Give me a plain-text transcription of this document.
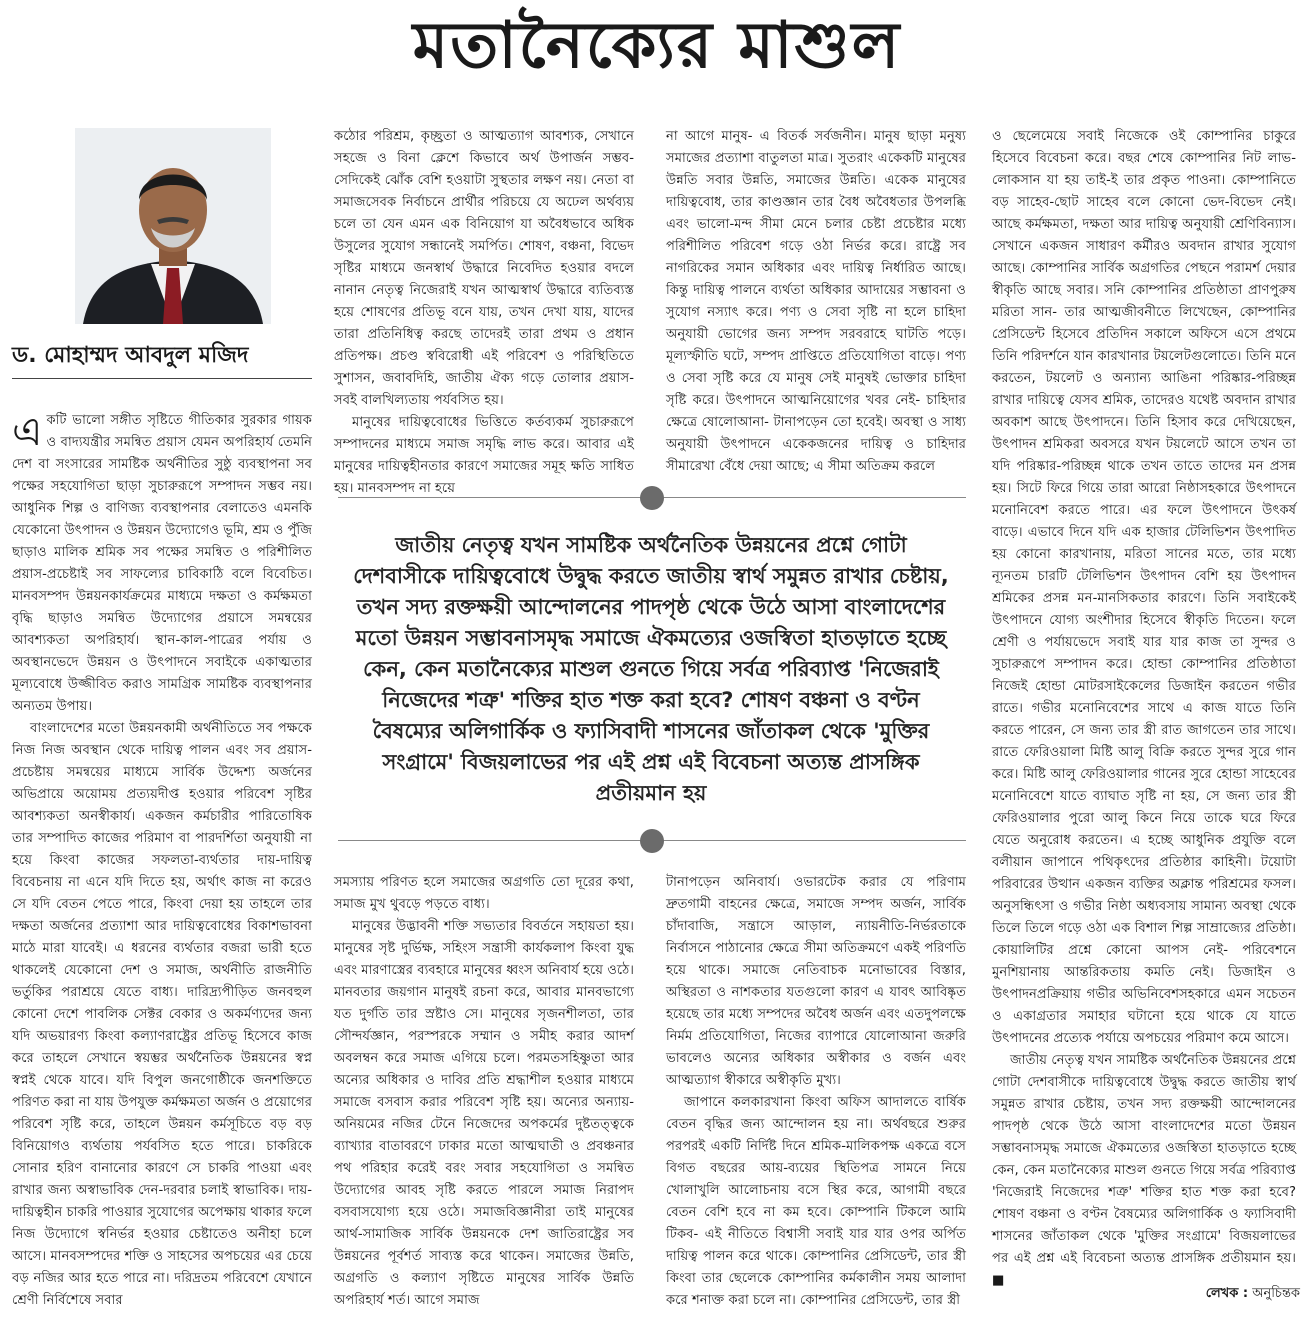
মতানৈক্যের মাশুল
ড. মোহাম্মদ আবদুল মজিদ

একটি ভালো সঙ্গীত সৃষ্টিতে গীতিকার সুরকার গায়ক ও বাদ্যযন্ত্রীর সমন্বিত প্রয়াস যেমন অপরিহার্য তেমনি দেশ বা সংসারের সামষ্টিক অর্থনীতির সুষ্ঠু ব্যবস্থাপনা সব পক্ষের সহযোগিতা ছাড়া সুচারুরূপে সম্পাদন সম্ভব নয়। আধুনিক শিল্প ও বাণিজ্য ব্যবস্থাপনার বেলাতেও এমনকি যেকোনো উৎপাদন ও উন্নয়ন উদ্যোগেও ভূমি, শ্রম ও পুঁজি ছাড়াও মালিক শ্রমিক সব পক্ষের সমন্বিত ও পরিশীলিত প্রয়াস-প্রচেষ্টাই সব সাফল্যের চাবিকাঠি বলে বিবেচিত। মানবসম্পদ উন্নয়নকার্যক্রমের মাধ্যমে দক্ষতা ও কর্মক্ষমতা বৃদ্ধি ছাড়াও সমন্বিত উদ্যোগের প্রয়াসে সমন্বয়ের আবশ্যকতা অপরিহার্য। স্থান-কাল-পাত্রের পর্যায় ও অবস্থানভেদে উন্নয়ন ও উৎপাদনে সবাইকে একাত্মতার মূল্যবোধে উজ্জীবিত করাও সামগ্রিক সামষ্টিক ব্যবস্থাপনার অন্যতম উপায়।

বাংলাদেশের মতো উন্নয়নকামী অর্থনীতিতে সব পক্ষকে নিজ নিজ অবস্থান থেকে দায়িত্ব পালন এবং সব প্রয়াস-প্রচেষ্টায় সমন্বয়ের মাধ্যমে সার্বিক উদ্দেশ্য অর্জনের অভিপ্রায়ে অয়োময় প্রত্যয়দীপ্ত হওয়ার পরিবেশ সৃষ্টির আবশ্যকতা অনস্বীকার্য। একজন কর্মচারীর পারিতোষিক তার সম্পাদিত কাজের পরিমাণ বা পারদর্শিতা অনুযায়ী না হয়ে কিংবা কাজের সফলতা-ব্যর্থতার দায়-দায়িত্ব বিবেচনায় না এনে যদি দিতে হয়, অর্থাৎ কাজ না করেও সে যদি বেতন পেতে পারে, কিংবা দেয়া হয় তাহলে তার দক্ষতা অর্জনের প্রত্যাশা আর দায়িত্ববোধের বিকাশভাবনা মাঠে মারা যাবেই। এ ধরনের ব্যর্থতার বজরা ভারী হতে থাকলেই যেকোনো দেশ ও সমাজ, অর্থনীতি রাজনীতি ভর্তুকির পরাশ্রয়ে যেতে বাধ্য। দারিদ্র্যপীড়িত জনবহুল কোনো দেশে পাবলিক সেক্টর বেকার ও অকর্মণ্যদের জন্য যদি অভয়ারণ্য কিংবা কল্যাণরাষ্ট্রের প্রতিভূ হিসেবে কাজ করে তাহলে সেখানে স্বয়ম্ভর অর্থনৈতিক উন্নয়নের স্বপ্ন স্বপ্নই থেকে যাবে। যদি বিপুল জনগোষ্ঠীকে জনশক্তিতে পরিণত করা না যায় উপযুক্ত কর্মক্ষমতা অর্জন ও প্রয়োগের পরিবেশ সৃষ্টি করে, তাহলে উন্নয়ন কর্মসূচিতে বড় বড় বিনিয়োগও ব্যর্থতায় পর্যবসিত হতে পারে। চাকরিকে সোনার হরিণ বানানোর কারণে সে চাকরি পাওয়া এবং রাখার জন্য অস্বাভাবিক দেন-দরবার চলাই স্বাভাবিক। দায়-দায়িত্বহীন চাকরি পাওয়ার সুযোগের অপেক্ষায় থাকার ফলে নিজ উদ্যোগে স্বনির্ভর হওয়ার চেষ্টাতেও অনীহা চলে আসে। মানবসম্পদের শক্তি ও সাহসের অপচয়ের এর চেয়ে বড় নজির আর হতে পারে না। দরিদ্রতম পরিবেশে যেখানে শ্রেণী নির্বিশেষে সবার

কঠোর পরিশ্রম, কৃচ্ছ্রতা ও আত্মত্যাগ আবশ্যক, সেখানে সহজে ও বিনা ক্লেশে কিভাবে অর্থ উপার্জন সম্ভব- সেদিকেই ঝোঁক বেশি হওয়াটা সুস্থতার লক্ষণ নয়। নেতা বা সমাজসেবক নির্বাচনে প্রার্থীর পরিচয়ে যে অঢেল অর্থব্যয় চলে তা যেন এমন এক বিনিয়োগ যা অবৈধভাবে অধিক উসুলের সুযোগ সন্ধানেই সমর্পিত। শোষণ, বঞ্চনা, বিভেদ সৃষ্টির মাধ্যমে জনস্বার্থ উদ্ধারে নিবেদিত হওয়ার বদলে নানান নেতৃত্ব নিজেরাই যখন আত্মস্বার্থ উদ্ধারে ব্যতিব্যস্ত হয়ে শোষণের প্রতিভূ বনে যায়, তখন দেখা যায়, যাদের তারা প্রতিনিধিত্ব করছে তাদেরই তারা প্রথম ও প্রধান প্রতিপক্ষ। প্রচণ্ড স্ববিরোধী এই পরিবেশ ও পরিস্থিতিতে সুশাসন, জবাবদিহি, জাতীয় ঐক্য গড়ে তোলার প্রয়াস- সবই বালখিল্যতায় পর্যবসিত হয়।

মানুষের দায়িত্ববোধের ভিত্তিতে কর্তব্যকর্ম সুচারুরূপে সম্পাদনের মাধ্যমে সমাজ সমৃদ্ধি লাভ করে। আবার এই মানুষের দায়িত্বহীনতার কারণে সমাজের সমূহ ক্ষতি সাধিত হয়। মানবসম্পদ না হয়ে

না আগে মানুষ- এ বিতর্ক সর্বজনীন। মানুষ ছাড়া মনুষ্য সমাজের প্রত্যাশা বাতুলতা মাত্র। সুতরাং একেকটি মানুষের উন্নতি সবার উন্নতি, সমাজের উন্নতি। একেক মানুষের দায়িত্ববোধ, তার কাণ্ডজ্ঞান তার বৈধ অবৈধতার উপলব্ধি এবং ভালো-মন্দ সীমা মেনে চলার চেষ্টা প্রচেষ্টার মধ্যে পরিশীলিত পরিবেশ গড়ে ওঠা নির্ভর করে। রাষ্ট্রে সব নাগরিকের সমান অধিকার এবং দায়িত্ব নির্ধারিত আছে। কিন্তু দায়িত্ব পালনে ব্যর্থতা অধিকার আদায়ের সম্ভাবনা ও সুযোগ নস্যাৎ করে। পণ্য ও সেবা সৃষ্টি না হলে চাহিদা অনুযায়ী ভোগের জন্য সম্পদ সরবরাহে ঘাটতি পড়ে। মূল্যস্ফীতি ঘটে, সম্পদ প্রাপ্তিতে প্রতিযোগিতা বাড়ে। পণ্য ও সেবা সৃষ্টি করে যে মানুষ সেই মানুষই ভোক্তার চাহিদা সৃষ্টি করে। উৎপাদনে আত্মনিয়োগের খবর নেই- চাহিদার ক্ষেত্রে ষোলোআনা- টানাপড়েন তো হবেই। অবস্থা ও সাধ্য অনুযায়ী উৎপাদনে একেকজনের দায়িত্ব ও চাহিদার সীমারেখা বেঁধে দেয়া আছে; এ সীমা অতিক্রম করলে

ও ছেলেমেয়ে সবাই নিজেকে ওই কোম্পানির চাকুরে হিসেবে বিবেচনা করে। বছর শেষে কোম্পানির নিট লাভ-লোকসান যা হয় তাই-ই তার প্রকৃত পাওনা। কোম্পানিতে বড় সাহেব-ছোট সাহেব বলে কোনো ভেদ-বিভেদ নেই। আছে কর্মক্ষমতা, দক্ষতা আর দায়িত্ব অনুযায়ী শ্রেণিবিন্যাস। সেখানে একজন সাধারণ কর্মীরও অবদান রাখার সুযোগ আছে। কোম্পানির সার্বিক অগ্রগতির পেছনে পরামর্শ দেয়ার স্বীকৃতি আছে সবার। সনি কোম্পানির প্রতিষ্ঠাতা প্রাণপুরুষ মরিতা সান- তার আত্মজীবনীতে লিখেছেন, কোম্পানির প্রেসিডেন্ট হিসেবে প্রতিদিন সকালে অফিসে এসে প্রথমে তিনি পরিদর্শনে যান কারখানার টয়লেটগুলোতে। তিনি মনে করতেন, টয়লেট ও অন্যান্য আঙিনা পরিষ্কার-পরিচ্ছন্ন রাখার দায়িত্বে যেসব শ্রমিক, তাদেরও যথেষ্ট অবদান রাখার অবকাশ আছে উৎপাদনে। তিনি হিসাব করে দেখিয়েছেন, উৎপাদন শ্রমিকরা অবসরে যখন টয়লেটে আসে তখন তা যদি পরিষ্কার-পরিচ্ছন্ন থাকে তখন তাতে তাদের মন প্রসন্ন হয়। সিটে ফিরে গিয়ে তারা আরো নিষ্ঠাসহকারে উৎপাদনে মনোনিবেশ করতে পারে। এর ফলে উৎপাদনে উৎকর্ষ বাড়ে। এভাবে দিনে যদি এক হাজার টেলিভিশন উৎপাদিত হয় কোনো কারখানায়, মরিতা সানের মতে, তার মধ্যে ন্যূনতম চারটি টেলিভিশন উৎপাদন বেশি হয় উৎপাদন শ্রমিকের প্রসন্ন মন-মানসিকতার কারণে। তিনি সবাইকেই উৎপাদনে যোগ্য অংশীদার হিসেবে স্বীকৃতি দিতেন। ফলে শ্রেণী ও পর্যায়ভেদে সবাই যার যার কাজ তা সুন্দর ও সুচারুরূপে সম্পাদন করে। হোন্ডা কোম্পানির প্রতিষ্ঠাতা নিজেই হোন্ডা মোটরসাইকেলের ডিজাইন করতেন গভীর রাতে। গভীর মনোনিবেশের সাথে এ কাজ যাতে তিনি করতে পারেন, সে জন্য তার স্ত্রী রাত জাগতেন তার সাথে। রাতে ফেরিওয়ালা মিষ্টি আলু বিক্রি করতে সুন্দর সুরে গান করে। মিষ্টি আলু ফেরিওয়ালার গানের সুরে হোন্ডা সাহেবের মনোনিবেশে যাতে ব্যাঘাত সৃষ্টি না হয়, সে জন্য তার স্ত্রী ফেরিওয়ালার পুরো আলু কিনে নিয়ে তাকে ঘরে ফিরে যেতে অনুরোধ করতেন। এ হচ্ছে আধুনিক প্রযুক্তি বলে বলীয়ান জাপানে পথিকৃৎদের প্রতিষ্ঠার কাহিনী। টয়োটা পরিবারের উত্থান একজন ব্যক্তির অক্লান্ত পরিশ্রমের ফসল। অনুসন্ধিৎসা ও গভীর নিষ্ঠা অধ্যবসায় সামান্য অবস্থা থেকে তিলে তিলে গড়ে ওঠা এক বিশাল শিল্প সাম্রাজ্যের প্রতিষ্ঠা। কোয়ালিটির প্রশ্নে কোনো আপস নেই- পরিবেশনে মুনশিয়ানায় আন্তরিকতায় কমতি নেই। ডিজাইন ও উৎপাদনপ্রক্রিয়ায় গভীর অভিনিবেশসহকারে এমন সচেতন ও একাগ্রতার সমাহার ঘটানো হয়ে থাকে যে যাতে উৎপাদনের প্রত্যেক পর্যায়ে অপচয়ের পরিমাণ কমে আসে।

জাতীয় নেতৃত্ব যখন সামষ্টিক অর্থনৈতিক উন্নয়নের প্রশ্নে গোটা দেশবাসীকে দায়িত্ববোধে উদ্বুদ্ধ করতে জাতীয় স্বার্থ সমুন্নত রাখার চেষ্টায়, তখন সদ্য রক্তক্ষয়ী আন্দোলনের পাদপৃষ্ঠ থেকে উঠে আসা বাংলাদেশের মতো উন্নয়ন সম্ভাবনাসমৃদ্ধ সমাজে ঐকমত্যের ওজস্বিতা হাতড়াতে হচ্ছে কেন, কেন মতানৈক্যের মাশুল গুনতে গিয়ে সর্বত্র পরিব্যাপ্ত 'নিজেরাই নিজেদের শত্রু' শক্তির হাত শক্ত করা হবে? শোষণ বঞ্চনা ও বণ্টন বৈষম্যের অলিগার্কিক ও ফ্যাসিবাদী শাসনের জাঁতাকল থেকে 'মুক্তির সংগ্রামে' বিজয়লাভের পর এই প্রশ্ন এই বিবেচনা অত্যন্ত প্রাসঙ্গিক প্রতীয়মান হয়। ■

জাতীয় নেতৃত্ব যখন সামষ্টিক অর্থনৈতিক উন্নয়নের প্রশ্নে গোটা দেশবাসীকে দায়িত্ববোধে উদ্বুদ্ধ করতে জাতীয় স্বার্থ সমুন্নত রাখার চেষ্টায়, তখন সদ্য রক্তক্ষয়ী আন্দোলনের পাদপৃষ্ঠ থেকে উঠে আসা বাংলাদেশের মতো উন্নয়ন সম্ভাবনাসমৃদ্ধ সমাজে ঐকমত্যের ওজস্বিতা হাতড়াতে হচ্ছে কেন, কেন মতানৈক্যের মাশুল গুনতে গিয়ে সর্বত্র পরিব্যাপ্ত 'নিজেরাই নিজেদের শত্রু' শক্তির হাত শক্ত করা হবে? শোষণ বঞ্চনা ও বণ্টন বৈষম্যের অলিগার্কিক ও ফ্যাসিবাদী শাসনের জাঁতাকল থেকে 'মুক্তির সংগ্রামে' বিজয়লাভের পর এই প্রশ্ন এই বিবেচনা অত্যন্ত প্রাসঙ্গিক প্রতীয়মান হয়

সমস্যায় পরিণত হলে সমাজের অগ্রগতি তো দূরের কথা, সমাজ মুখ থুবড়ে পড়তে বাধ্য।

মানুষের উদ্ভাবনী শক্তি সভ্যতার বিবর্তনে সহায়তা হয়। মানুষের সৃষ্ট দুর্ভিক্ষ, সহিংস সন্ত্রাসী কার্যকলাপ কিংবা যুদ্ধ এবং মারণাস্ত্রের ব্যবহারে মানুষের ধ্বংস অনিবার্য হয়ে ওঠে। মানবতার জয়গান মানুষই রচনা করে, আবার মানবভাগ্যে যত দুর্গতি তার স্রষ্টাও সে। মানুষের সৃজনশীলতা, তার সৌন্দর্যজ্ঞান, পরস্পরকে সম্মান ও সমীহ করার আদর্শ অবলম্বন করে সমাজ এগিয়ে চলে। পরমতসহিষ্ণুতা আর অন্যের অধিকার ও দাবির প্রতি শ্রদ্ধাশীল হওয়ার মাধ্যমে সমাজে বসবাস করার পরিবেশ সৃষ্টি হয়। অন্যের অন্যায়-অনিয়মের নজির টেনে নিজেদের অপকর্মের দুষ্টতত্ত্বকে ব্যাখ্যার বাতাবরণে ঢাকার মতো আত্মঘাতী ও প্রবঞ্চনার পথ পরিহার করেই বরং সবার সহযোগিতা ও সমন্বিত উদ্যোগের আবহ সৃষ্টি করতে পারলে সমাজ নিরাপদ বসবাসযোগ্য হয়ে ওঠে। সমাজবিজ্ঞানীরা তাই মানুষের আর্থ-সামাজিক সার্বিক উন্নয়নকে দেশ জাতিরাষ্ট্রের সব উন্নয়নের পূর্বশর্ত সাব্যস্ত করে থাকেন। সমাজের উন্নতি, অগ্রগতি ও কল্যাণ সৃষ্টিতে মানুষের সার্বিক উন্নতি অপরিহার্য শর্ত। আগে সমাজ

টানাপড়েন অনিবার্য। ওভারটেক করার যে পরিণাম দ্রুতগামী বাহনের ক্ষেত্রে, সমাজে সম্পদ অর্জন, সার্বিক চাঁদাবাজি, সন্ত্রাসে আড়াল, ন্যায়নীতি-নির্ভরতাকে নির্বাসনে পাঠানোর ক্ষেত্রে সীমা অতিক্রমণে একই পরিণতি হয়ে থাকে। সমাজে নেতিবাচক মনোভাবের বিস্তার, অস্থিরতা ও নাশকতার যতগুলো কারণ এ যাবৎ আবিষ্কৃত হয়েছে তার মধ্যে সম্পদের অবৈধ অর্জন এবং এতদুপলক্ষে নির্মম প্রতিযোগিতা, নিজের ব্যাপারে যোলোআনা জরুরি ভাবলেও অন্যের অধিকার অস্বীকার ও বর্জন এবং আত্মত্যাগ স্বীকারে অস্বীকৃতি মুখ্য।

জাপানে কলকারখানা কিংবা অফিস আদালতে বার্ষিক বেতন বৃদ্ধির জন্য আন্দোলন হয় না। অর্থবছরে শুরুর পরপরই একটি নির্দিষ্ট দিনে শ্রমিক-মালিকপক্ষ একত্রে বসে বিগত বছরের আয়-ব্যয়ের স্থিতিপত্র সামনে নিয়ে খোলাখুলি আলোচনায় বসে স্থির করে, আগামী বছরে বেতন বেশি হবে না কম হবে। কোম্পানি টিকলে আমি টিকব- এই নীতিতে বিশ্বাসী সবাই যার যার ওপর অর্পিত দায়িত্ব পালন করে থাকে। কোম্পানির প্রেসিডেন্ট, তার স্ত্রী কিংবা তার ছেলেকে কোম্পানির কর্মকালীন সময় আলাদা করে শনাক্ত করা চলে না। কোম্পানির প্রেসিডেন্ট, তার স্ত্রী	লেখক : অনুচিন্তক
